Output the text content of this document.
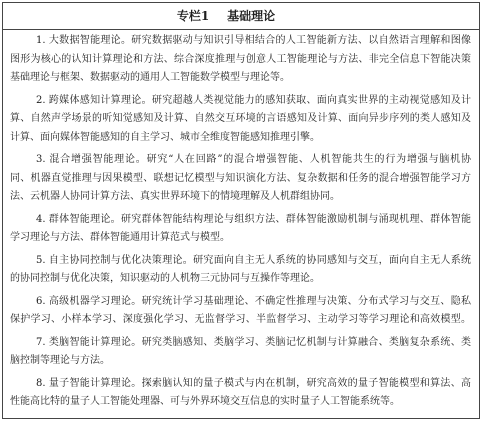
专栏1 基础理论
1. 大数据智能理论。研究数据驱动与知识引导相结合的人工智能新方法、以自然语言理解和图像
图形为核心的认知计算理论和方法、综合深度推理与创意人工智能理论与方法、非完全信息下智能决策
基础理论与框架、数据驱动的通用人工智能数学模型与理论等。
2. 跨媒体感知计算理论。研究超越人类视觉能力的感知获取、面向真实世界的主动视觉感知及计
算、自然声学场景的听知觉感知及计算、自然交互环境的言语感知及计算、面向异步序列的类人感知及
计算、面向媒体智能感知的自主学习、城市全维度智能感知推理引擎。
3. 混合增强智能理论。研究“人在回路”的混合增强智能、人机智能共生的行为增强与脑机协
同、机器直觉推理与因果模型、联想记忆模型与知识演化方法、复杂数据和任务的混合增强智能学习方
法、云机器人协同计算方法、真实世界环境下的情境理解及人机群组协同。
4. 群体智能理论。研究群体智能结构理论与组织方法、群体智能激励机制与涌现机理、群体智能
学习理论与方法、群体智能通用计算范式与模型。
5. 自主协同控制与优化决策理论。研究面向自主无人系统的协同感知与交互，面向自主无人系统
的协同控制与优化决策，知识驱动的人机物三元协同与互操作等理论。
6. 高级机器学习理论。研究统计学习基础理论、不确定性推理与决策、分布式学习与交互、隐私
保护学习、小样本学习、深度强化学习、无监督学习、半监督学习、主动学习等学习理论和高效模型。
7. 类脑智能计算理论。研究类脑感知、类脑学习、类脑记忆机制与计算融合、类脑复杂系统、类
脑控制等理论与方法。
8. 量子智能计算理论。探索脑认知的量子模式与内在机制，研究高效的量子智能模型和算法、高
性能高比特的量子人工智能处理器、可与外界环境交互信息的实时量子人工智能系统等。
